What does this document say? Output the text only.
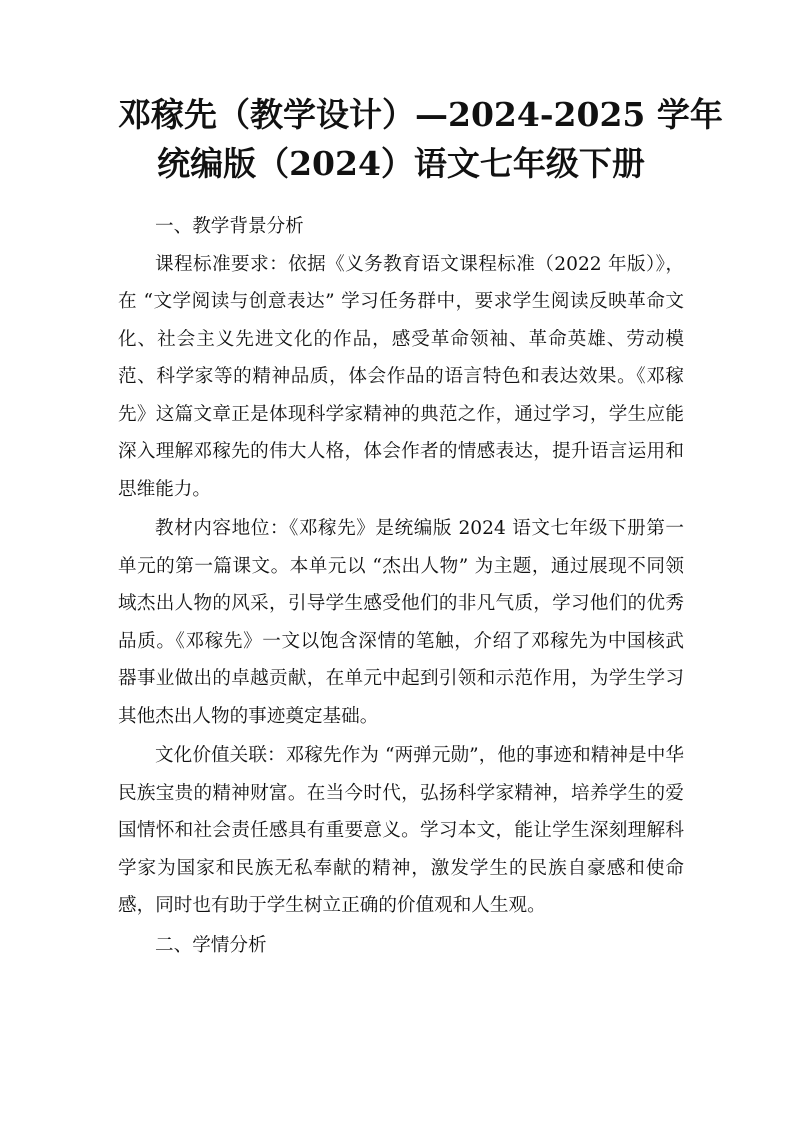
邓稼先（教学设计）—2024-2025 学年
统编版（2024）语文七年级下册

一、教学背景分析

课程标准要求：依据《义务教育语文课程标准（2022 年版）》，在 “文学阅读与创意表达” 学习任务群中，要求学生阅读反映革命文化、社会主义先进文化的作品，感受革命领袖、革命英雄、劳动模范、科学家等的精神品质，体会作品的语言特色和表达效果。《邓稼先》这篇文章正是体现科学家精神的典范之作，通过学习，学生应能深入理解邓稼先的伟大人格，体会作者的情感表达，提升语言运用和思维能力。

教材内容地位：《邓稼先》是统编版 2024 语文七年级下册第一单元的第一篇课文。本单元以 “杰出人物” 为主题，通过展现不同领域杰出人物的风采，引导学生感受他们的非凡气质，学习他们的优秀品质。《邓稼先》一文以饱含深情的笔触，介绍了邓稼先为中国核武器事业做出的卓越贡献，在单元中起到引领和示范作用，为学生学习其他杰出人物的事迹奠定基础。

文化价值关联：邓稼先作为 “两弹元勋”，他的事迹和精神是中华民族宝贵的精神财富。在当今时代，弘扬科学家精神，培养学生的爱国情怀和社会责任感具有重要意义。学习本文，能让学生深刻理解科学家为国家和民族无私奉献的精神，激发学生的民族自豪感和使命感，同时也有助于学生树立正确的价值观和人生观。

二、学情分析
